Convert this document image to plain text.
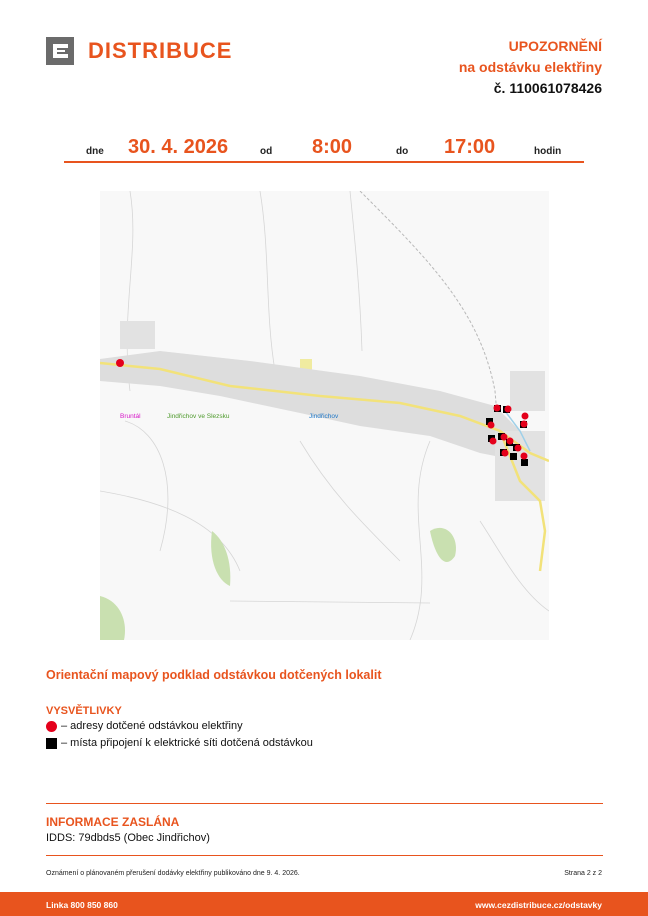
DISTRIBUCE	UPOZORNĚNÍ
na odstávku elektřiny
č. 110061078426
dne 30. 4. 2026	od 8:00	do 17:00	hodin
Bruntál	Jindřichov ve Slezsku	Jindřichov
Orientační mapový podklad odstávkou dotčených lokalit
VYSVĚTLIVKY
– adresy dotčené odstávkou elektřiny
– místa připojení k elektrické síti dotčená odstávkou
INFORMACE ZASLÁNA
IDDS: 79dbds5 (Obec Jindřichov)
Oznámení o plánovaném přerušení dodávky elektřiny publikováno dne 9. 4. 2026.	Strana 2 z 2
Linka 800 850 860	www.cezdistribuce.cz/odstavky
